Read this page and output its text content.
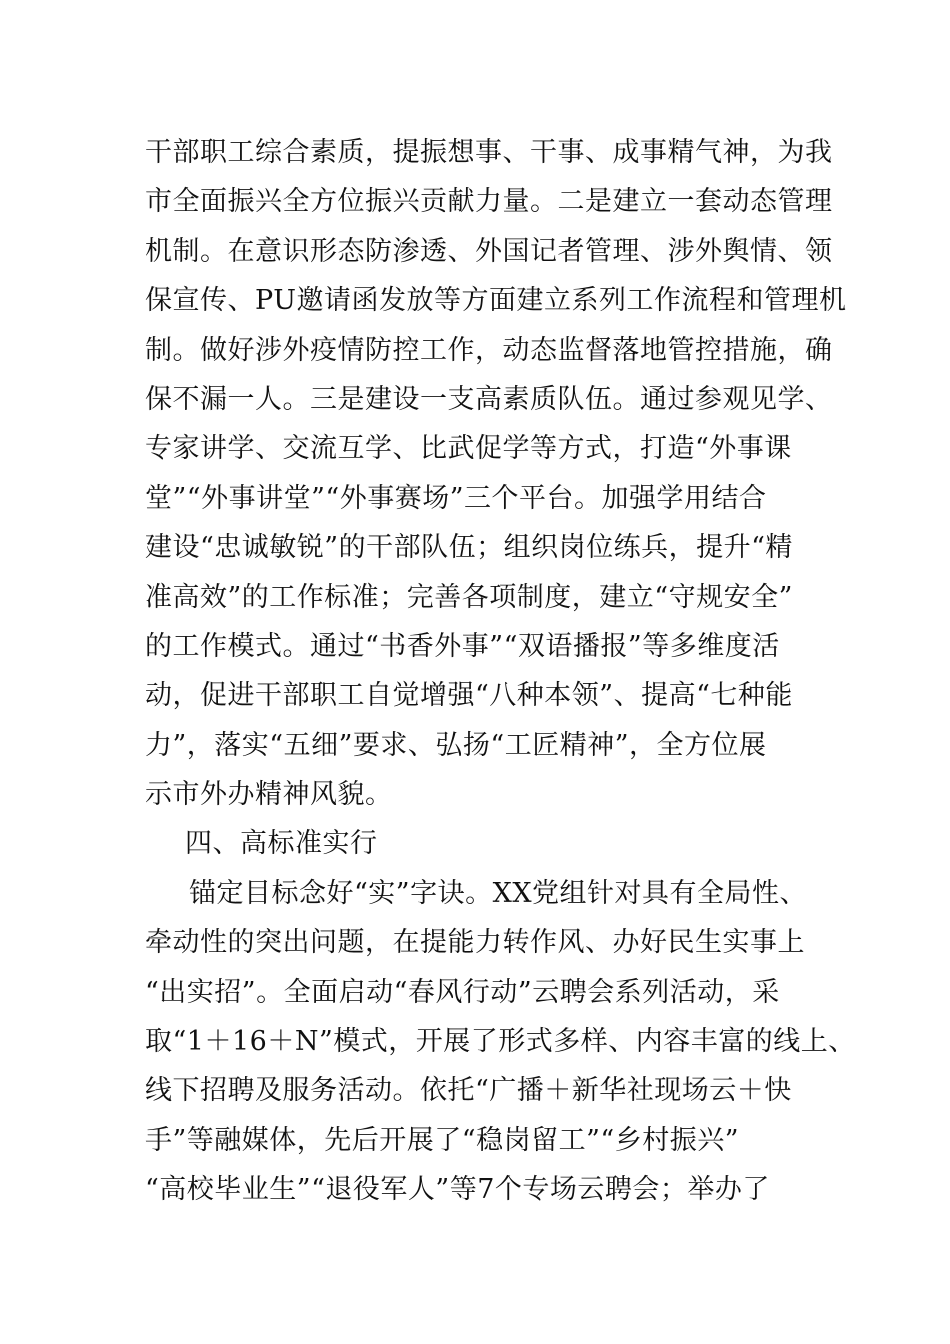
干部职工综合素质，提振想事、干事、成事精气神，为我
市全面振兴全方位振兴贡献力量。二是建立一套动态管理
机制。在意识形态防渗透、外国记者管理、涉外舆情、领
保宣传、PU邀请函发放等方面建立系列工作流程和管理机
制。做好涉外疫情防控工作，动态监督落地管控措施，确
保不漏一人。三是建设一支高素质队伍。通过参观见学、
专家讲学、交流互学、比武促学等方式，打造“外事课
堂”“外事讲堂”“外事赛场”三个平台。加强学用结合
建设“忠诚敏锐”的干部队伍；组织岗位练兵，提升“精
准高效”的工作标准；完善各项制度，建立“守规安全”
的工作模式。通过“书香外事”“双语播报”等多维度活
动，促进干部职工自觉增强“八种本领”、提高“七种能
力”，落实“五细”要求、弘扬“工匠精神”，全方位展
示市外办精神风貌。
四、高标准实行
锚定目标念好“实”字诀。XX党组针对具有全局性、
牵动性的突出问题，在提能力转作风、办好民生实事上
“出实招”。全面启动“春风行动”云聘会系列活动，采
取“1＋16＋N”模式，开展了形式多样、内容丰富的线上、
线下招聘及服务活动。依托“广播＋新华社现场云＋快
手”等融媒体，先后开展了“稳岗留工”“乡村振兴”
“高校毕业生”“退役军人”等7个专场云聘会；举办了
